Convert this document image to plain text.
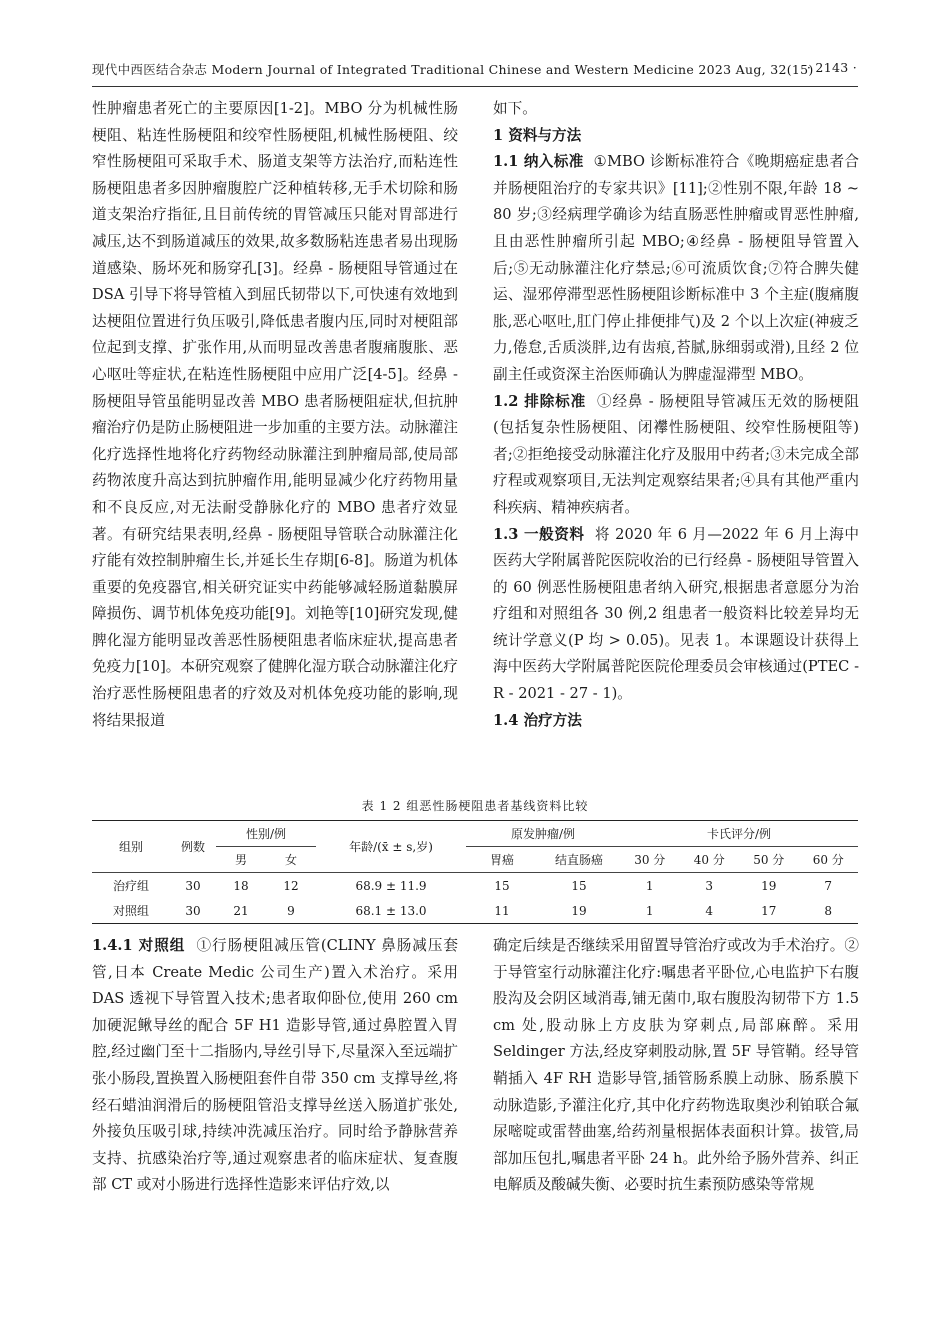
现代中西医结合杂志 Modern Journal of Integrated Traditional Chinese and Western Medicine 2023 Aug, 32(15)
· 2143 ·

性肿瘤患者死亡的主要原因[1-2]。MBO 分为机械性肠梗阻、粘连性肠梗阻和绞窄性肠梗阻,机械性肠梗阻、绞窄性肠梗阻可采取手术、肠道支架等方法治疗,而粘连性肠梗阻患者多因肿瘤腹腔广泛种植转移,无手术切除和肠道支架治疗指征,且目前传统的胃管减压只能对胃部进行减压,达不到肠道减压的效果,故多数肠粘连患者易出现肠道感染、肠坏死和肠穿孔[3]。经鼻 - 肠梗阻导管通过在 DSA 引导下将导管植入到屈氏韧带以下,可快速有效地到达梗阻位置进行负压吸引,降低患者腹内压,同时对梗阻部位起到支撑、扩张作用,从而明显改善患者腹痛腹胀、恶心呕吐等症状,在粘连性肠梗阻中应用广泛[4-5]。经鼻 - 肠梗阻导管虽能明显改善 MBO 患者肠梗阻症状,但抗肿瘤治疗仍是防止肠梗阻进一步加重的主要方法。动脉灌注化疗选择性地将化疗药物经动脉灌注到肿瘤局部,使局部药物浓度升高达到抗肿瘤作用,能明显减少化疗药物用量和不良反应,对无法耐受静脉化疗的 MBO 患者疗效显著。有研究结果表明,经鼻 - 肠梗阻导管联合动脉灌注化疗能有效控制肿瘤生长,并延长生存期[6-8]。肠道为机体重要的免疫器官,相关研究证实中药能够减轻肠道黏膜屏障损伤、调节机体免疫功能[9]。刘艳等[10]研究发现,健脾化湿方能明显改善恶性肠梗阻患者临床症状,提高患者免疫力[10]。本研究观察了健脾化湿方联合动脉灌注化疗治疗恶性肠梗阻患者的疗效及对机体免疫功能的影响,现将结果报道

如下。

1 资料与方法

1.1 纳入标准 ①MBO 诊断标准符合《晚期癌症患者合并肠梗阻治疗的专家共识》[11];②性别不限,年龄 18 ~ 80 岁;③经病理学确诊为结直肠恶性肿瘤或胃恶性肿瘤,且由恶性肿瘤所引起 MBO;④经鼻 - 肠梗阻导管置入后;⑤无动脉灌注化疗禁忌;⑥可流质饮食;⑦符合脾失健运、湿邪停滞型恶性肠梗阻诊断标准中 3 个主症(腹痛腹胀,恶心呕吐,肛门停止排便排气)及 2 个以上次症(神疲乏力,倦怠,舌质淡胖,边有齿痕,苔腻,脉细弱或滑),且经 2 位副主任或资深主治医师确认为脾虚湿滞型 MBO。

1.2 排除标准 ①经鼻 - 肠梗阻导管减压无效的肠梗阻(包括复杂性肠梗阻、闭襻性肠梗阻、绞窄性肠梗阻等)者;②拒绝接受动脉灌注化疗及服用中药者;③未完成全部疗程或观察项目,无法判定观察结果者;④具有其他严重内科疾病、精神疾病者。

1.3 一般资料 将 2020 年 6 月—2022 年 6 月上海中医药大学附属普陀医院收治的已行经鼻 - 肠梗阻导管置入的 60 例恶性肠梗阻患者纳入研究,根据患者意愿分为治疗组和对照组各 30 例,2 组患者一般资料比较差异均无统计学意义(P 均 > 0.05)。见表 1。本课题设计获得上海中医药大学附属普陀医院伦理委员会审核通过(PTEC - R - 2021 - 27 - 1)。

1.4 治疗方法

表 1 2 组恶性肠梗阻患者基线资料比较
组别	例数	性别/例		年龄/(x̄ ± s,岁)	原发肿瘤/例		卡氏评分/例			
		男	女		胃癌	结直肠癌	30 分	40 分	50 分	60 分
治疗组	30	18	12	68.9 ± 11.9	15	15	1	3	19	7
对照组	30	21	9	68.1 ± 13.0	11	19	1	4	17	8

1.4.1 对照组 ①行肠梗阻减压管(CLINY 鼻肠减压套管,日本 Create Medic 公司生产)置入术治疗。采用 DAS 透视下导管置入技术;患者取仰卧位,使用 260 cm 加硬泥鳅导丝的配合 5F H1 造影导管,通过鼻腔置入胃腔,经过幽门至十二指肠内,导丝引导下,尽量深入至远端扩张小肠段,置换置入肠梗阻套件自带 350 cm 支撑导丝,将经石蜡油润滑后的肠梗阻管沿支撑导丝送入肠道扩张处,外接负压吸引球,持续冲洗减压治疗。同时给予静脉营养支持、抗感染治疗等,通过观察患者的临床症状、复查腹部 CT 或对小肠进行选择性造影来评估疗效,以

确定后续是否继续采用留置导管治疗或改为手术治疗。②于导管室行动脉灌注化疗:嘱患者平卧位,心电监护下右腹股沟及会阴区域消毒,铺无菌巾,取右腹股沟韧带下方 1.5 cm 处,股动脉上方皮肤为穿刺点,局部麻醉。采用 Seldinger 方法,经皮穿刺股动脉,置 5F 导管鞘。经导管鞘插入 4F RH 造影导管,插管肠系膜上动脉、肠系膜下动脉造影,予灌注化疗,其中化疗药物选取奥沙利铂联合氟尿嘧啶或雷替曲塞,给药剂量根据体表面积计算。拔管,局部加压包扎,嘱患者平卧 24 h。此外给予肠外营养、纠正电解质及酸碱失衡、必要时抗生素预防感染等常规
